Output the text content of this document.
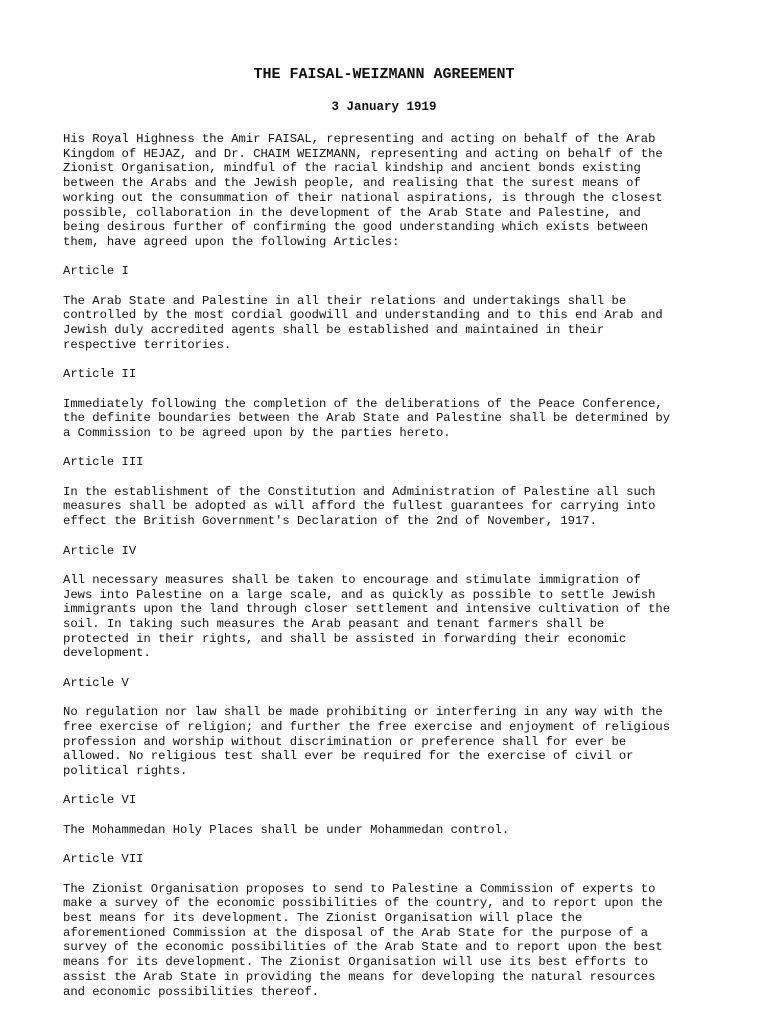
THE FAISAL-WEIZMANN AGREEMENT
3 January 1919

His Royal Highness the Amir FAISAL, representing and acting on behalf of the Arab
Kingdom of HEJAZ, and Dr. CHAIM WEIZMANN, representing and acting on behalf of the
Zionist Organisation, mindful of the racial kindship and ancient bonds existing
between the Arabs and the Jewish people, and realising that the surest means of
working out the consummation of their national aspirations, is through the closest
possible, collaboration in the development of the Arab State and Palestine, and
being desirous further of confirming the good understanding which exists between
them, have agreed upon the following Articles:

Article I

The Arab State and Palestine in all their relations and undertakings shall be
controlled by the most cordial goodwill and understanding and to this end Arab and
Jewish duly accredited agents shall be established and maintained in their
respective territories.

Article II

Immediately following the completion of the deliberations of the Peace Conference,
the definite boundaries between the Arab State and Palestine shall be determined by
a Commission to be agreed upon by the parties hereto.

Article III

In the establishment of the Constitution and Administration of Palestine all such
measures shall be adopted as will afford the fullest guarantees for carrying into
effect the British Government's Declaration of the 2nd of November, 1917.

Article IV

All necessary measures shall be taken to encourage and stimulate immigration of
Jews into Palestine on a large scale, and as quickly as possible to settle Jewish
immigrants upon the land through closer settlement and intensive cultivation of the
soil. In taking such measures the Arab peasant and tenant farmers shall be
protected in their rights, and shall be assisted in forwarding their economic
development.

Article V

No regulation nor law shall be made prohibiting or interfering in any way with the
free exercise of religion; and further the free exercise and enjoyment of religious
profession and worship without discrimination or preference shall for ever be
allowed. No religious test shall ever be required for the exercise of civil or
political rights.

Article VI

The Mohammedan Holy Places shall be under Mohammedan control.

Article VII

The Zionist Organisation proposes to send to Palestine a Commission of experts to
make a survey of the economic possibilities of the country, and to report upon the
best means for its development. The Zionist Organisation will place the
aforementioned Commission at the disposal of the Arab State for the purpose of a
survey of the economic possibilities of the Arab State and to report upon the best
means for its development. The Zionist Organisation will use its best efforts to
assist the Arab State in providing the means for developing the natural resources
and economic possibilities thereof.
